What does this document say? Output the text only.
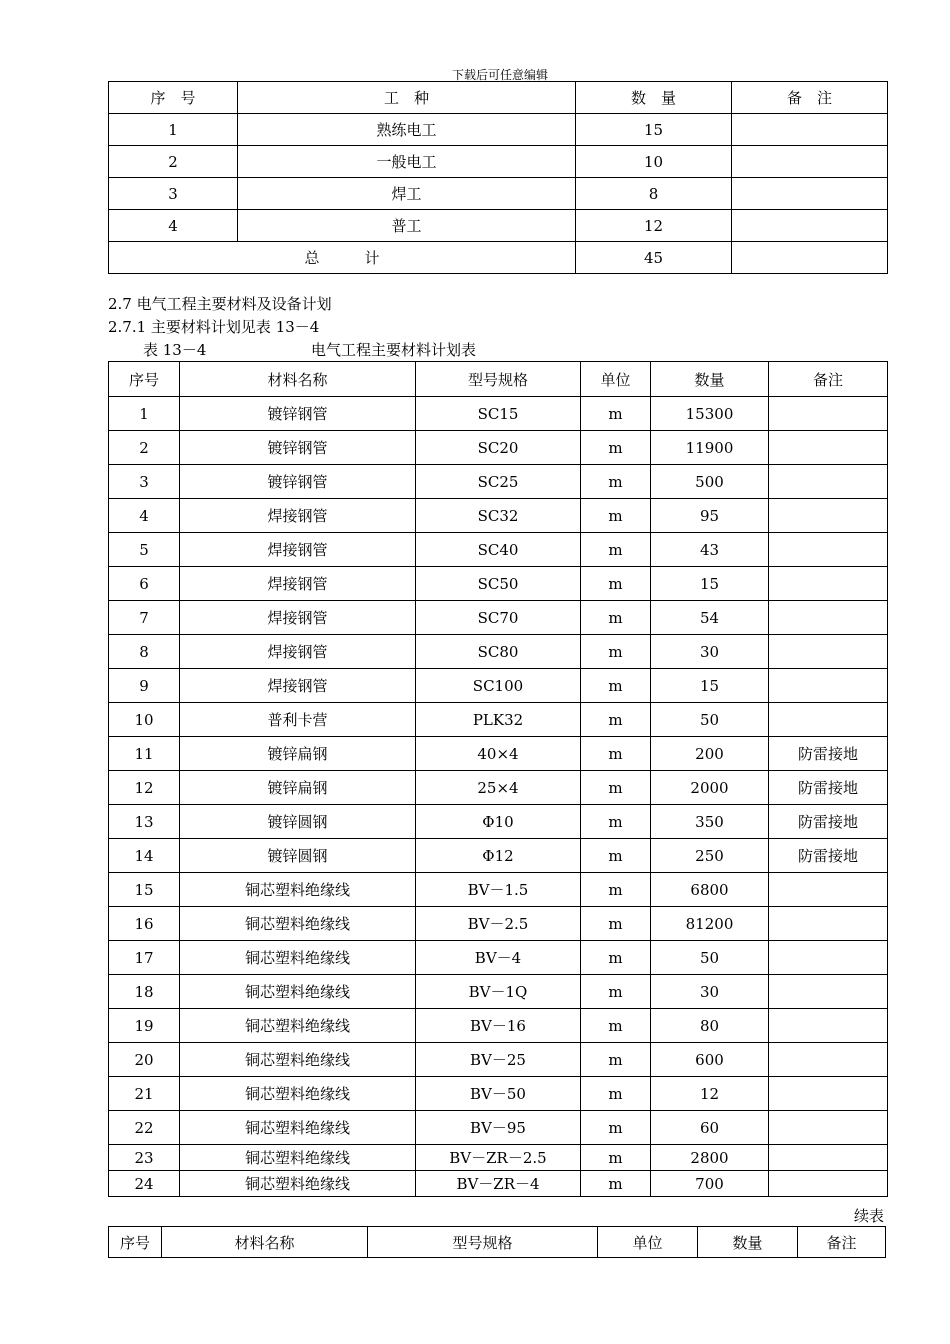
下载后可任意编辑
序　号	工　种	数　量	备　注
1	熟练电工	15	
2	一般电工	10	
3	焊工	8	
4	普工	12	
总　　　计		45	
2.7 电气工程主要材料及设备计划
2.7.1 主要材料计划见表 13－4
表 13－4	电气工程主要材料计划表
序号	材料名称	型号规格	单位	数量	备注
1	镀锌钢管	SC15	m	15300	
2	镀锌钢管	SC20	m	11900	
3	镀锌钢管	SC25	m	500	
4	焊接钢管	SC32	m	95	
5	焊接钢管	SC40	m	43	
6	焊接钢管	SC50	m	15	
7	焊接钢管	SC70	m	54	
8	焊接钢管	SC80	m	30	
9	焊接钢管	SC100	m	15	
10	普利卡营	PLK32	m	50	
11	镀锌扁钢	40×4	m	200	防雷接地
12	镀锌扁钢	25×4	m	2000	防雷接地
13	镀锌圆钢	Φ10	m	350	防雷接地
14	镀锌圆钢	Φ12	m	250	防雷接地
15	铜芯塑料绝缘线	BV－1.5	m	6800	
16	铜芯塑料绝缘线	BV－2.5	m	81200	
17	铜芯塑料绝缘线	BV－4	m	50	
18	铜芯塑料绝缘线	BV－1Q	m	30	
19	铜芯塑料绝缘线	BV－16	m	80	
20	铜芯塑料绝缘线	BV－25	m	600	
21	铜芯塑料绝缘线	BV－50	m	12	
22	铜芯塑料绝缘线	BV－95	m	60	
23	铜芯塑料绝缘线	BV－ZR－2.5	m	2800	
24	铜芯塑料绝缘线	BV－ZR－4	m	700	
续表
序号	材料名称	型号规格	单位	数量	备注
